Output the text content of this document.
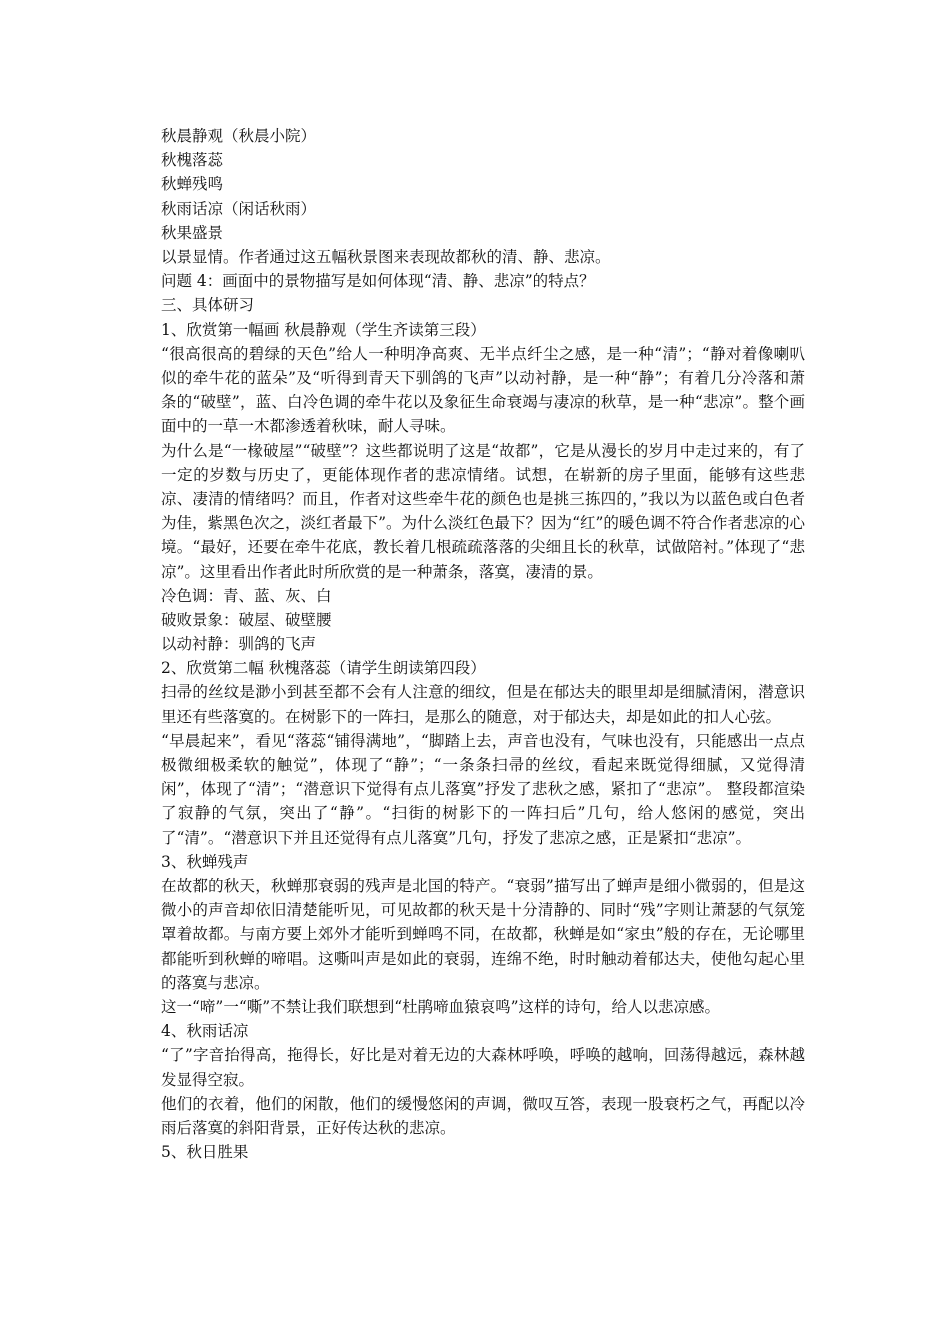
秋晨静观（秋晨小院）
秋槐落蕊
秋蝉残鸣
秋雨话凉（闲话秋雨）
秋果盛景
以景显情。作者通过这五幅秋景图来表现故都秋的清、静、悲凉。
问题 4：画面中的景物描写是如何体现“清、静、悲凉”的特点？
三、具体研习
1、欣赏第一幅画 秋晨静观（学生齐读第三段）

“很高很高的碧绿的天色”给人一种明净高爽、无半点纤尘之感，是一种“清”；“静对着像喇叭似的牵牛花的蓝朵”及“听得到青天下驯鸽的飞声”以动衬静，是一种“静”；有着几分冷落和萧条的“破壁”，蓝、白冷色调的牵牛花以及象征生命衰竭与凄凉的秋草，是一种“悲凉”。整个画面中的一草一木都渗透着秋味，耐人寻味。

为什么是“一椽破屋”“破壁”？这些都说明了这是“故都”，它是从漫长的岁月中走过来的，有了一定的岁数与历史了，更能体现作者的悲凉情绪。试想，在崭新的房子里面，能够有这些悲凉、凄清的情绪吗？而且，作者对这些牵牛花的颜色也是挑三拣四的，”我以为以蓝色或白色者为佳，紫黑色次之，淡红者最下”。为什么淡红色最下？因为“红”的暖色调不符合作者悲凉的心境。“最好，还要在牵牛花底，教长着几根疏疏落落的尖细且长的秋草，试做陪衬。”体现了“悲凉”。这里看出作者此时所欣赏的是一种萧条，落寞，凄清的景。

冷色调：青、蓝、灰、白
破败景象：破屋、破壁腰
以动衬静：驯鸽的飞声
2、欣赏第二幅 秋槐落蕊（请学生朗读第四段）

扫帚的丝纹是渺小到甚至都不会有人注意的细纹，但是在郁达夫的眼里却是细腻清闲，潜意识里还有些落寞的。在树影下的一阵扫，是那么的随意，对于郁达夫，却是如此的扣人心弦。

“早晨起来”，看见“落蕊“铺得满地”，“脚踏上去，声音也没有，气味也没有，只能感出一点点极微细极柔软的触觉”，体现了“静”；“一条条扫帚的丝纹，看起来既觉得细腻，又觉得清闲”，体现了“清”；“潜意识下觉得有点儿落寞”抒发了悲秋之感，紧扣了“悲凉”。 整段都渲染了寂静的气氛，突出了“静”。“扫街的树影下的一阵扫后”几句，给人悠闲的感觉，突出了“清”。“潜意识下并且还觉得有点儿落寞”几句，抒发了悲凉之感，正是紧扣“悲凉”。

3、秋蝉残声

在故都的秋天，秋蝉那衰弱的残声是北国的特产。“衰弱”描写出了蝉声是细小微弱的，但是这微小的声音却依旧清楚能听见，可见故都的秋天是十分清静的、同时“残”字则让萧瑟的气氛笼罩着故都。与南方要上郊外才能听到蝉鸣不同，在故都，秋蝉是如“家虫”般的存在，无论哪里都能听到秋蝉的啼唱。这嘶叫声是如此的衰弱，连绵不绝，时时触动着郁达夫，使他勾起心里的落寞与悲凉。

这一“啼”一“嘶”不禁让我们联想到“杜鹃啼血猿哀鸣”这样的诗句，给人以悲凉感。

4、秋雨话凉

“了”字音抬得高，拖得长，好比是对着无边的大森林呼唤，呼唤的越响，回荡得越远，森林越发显得空寂。

他们的衣着，他们的闲散，他们的缓慢悠闲的声调，微叹互答，表现一股衰朽之气，再配以冷雨后落寞的斜阳背景，正好传达秋的悲凉。

5、秋日胜果
